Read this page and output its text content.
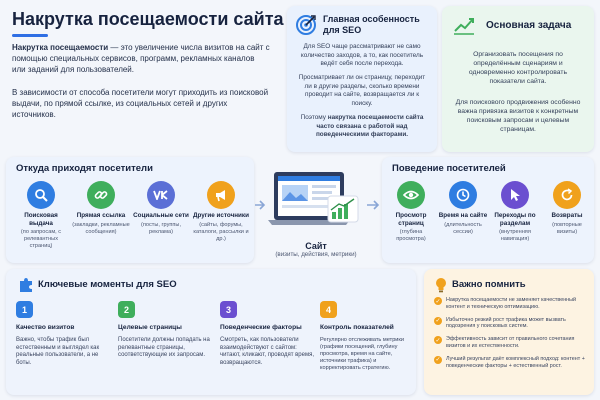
Накрутка посещаемости сайта
Накрутка посещаемости — это увеличение числа визитов на сайт с помощью специальных сервисов, программ, рекламных каналов или заданий для пользователей.
В зависимости от способа посетители могут приходить из поисковой выдачи, по прямой ссылке, из социальных сетей и других источников.
Главная особенность для SEO
Для SEO чаще рассматривают не само количество заходов, а то, как посетитель ведёт себя после перехода.
Просматривает ли он страницу, переходит ли в другие разделы, сколько времени проводит на сайте, возвращается ли к поиску.
Поэтому накрутка посещаемости сайта часто связана с работой над поведенческими факторами.
Основная задача
Организовать посещения по определённым сценариям и одновременно контролировать показатели сайта.
Для поискового продвижения особенно важна привязка визитов к конкретным поисковым запросам и целевым страницам.
Откуда приходят посетители
Поисковая выдача
(по запросам, с релевантных страниц)
Прямая ссылка
(закладки, рекламные сообщения)
Социальные сети
(посты, группы, реклама)
Другие источники
(сайты, форумы, каталоги, рассылки и др.)
Сайт
(визиты, действия, метрики)
Поведение посетителей
Просмотр страниц
(глубина просмотра)
Время на сайте
(длительность сессии)
Переходы по разделам
(внутренняя навигация)
Возвраты
(повторные визиты)
Ключевые моменты для SEO
1
Качество визитов
Важно, чтобы трафик был естественным и выглядел как реальные пользователи, а не боты.
2
Целевые страницы
Посетители должны попадать на релевантные страницы, соответствующие их запросам.
3
Поведенческие факторы
Смотреть, как пользователи взаимодействуют с сайтом: читают, кликают, проводят время, возвращаются.
4
Контроль показателей
Регулярно отслеживать метрики (графики посещений, глубину просмотра, время на сайте, источники трафика) и корректировать стратегию.
Важно помнить
✓ Накрутка посещаемости не заменяет качественный контент и техническую оптимизацию.
✓ Избыточно резкий рост трафика может вызвать подозрения у поисковых систем.
✓ Эффективность зависит от правильного сочетания визитов и их естественности.
✓ Лучший результат даёт комплексный подход: контент + поведенческие факторы + естественный рост.
